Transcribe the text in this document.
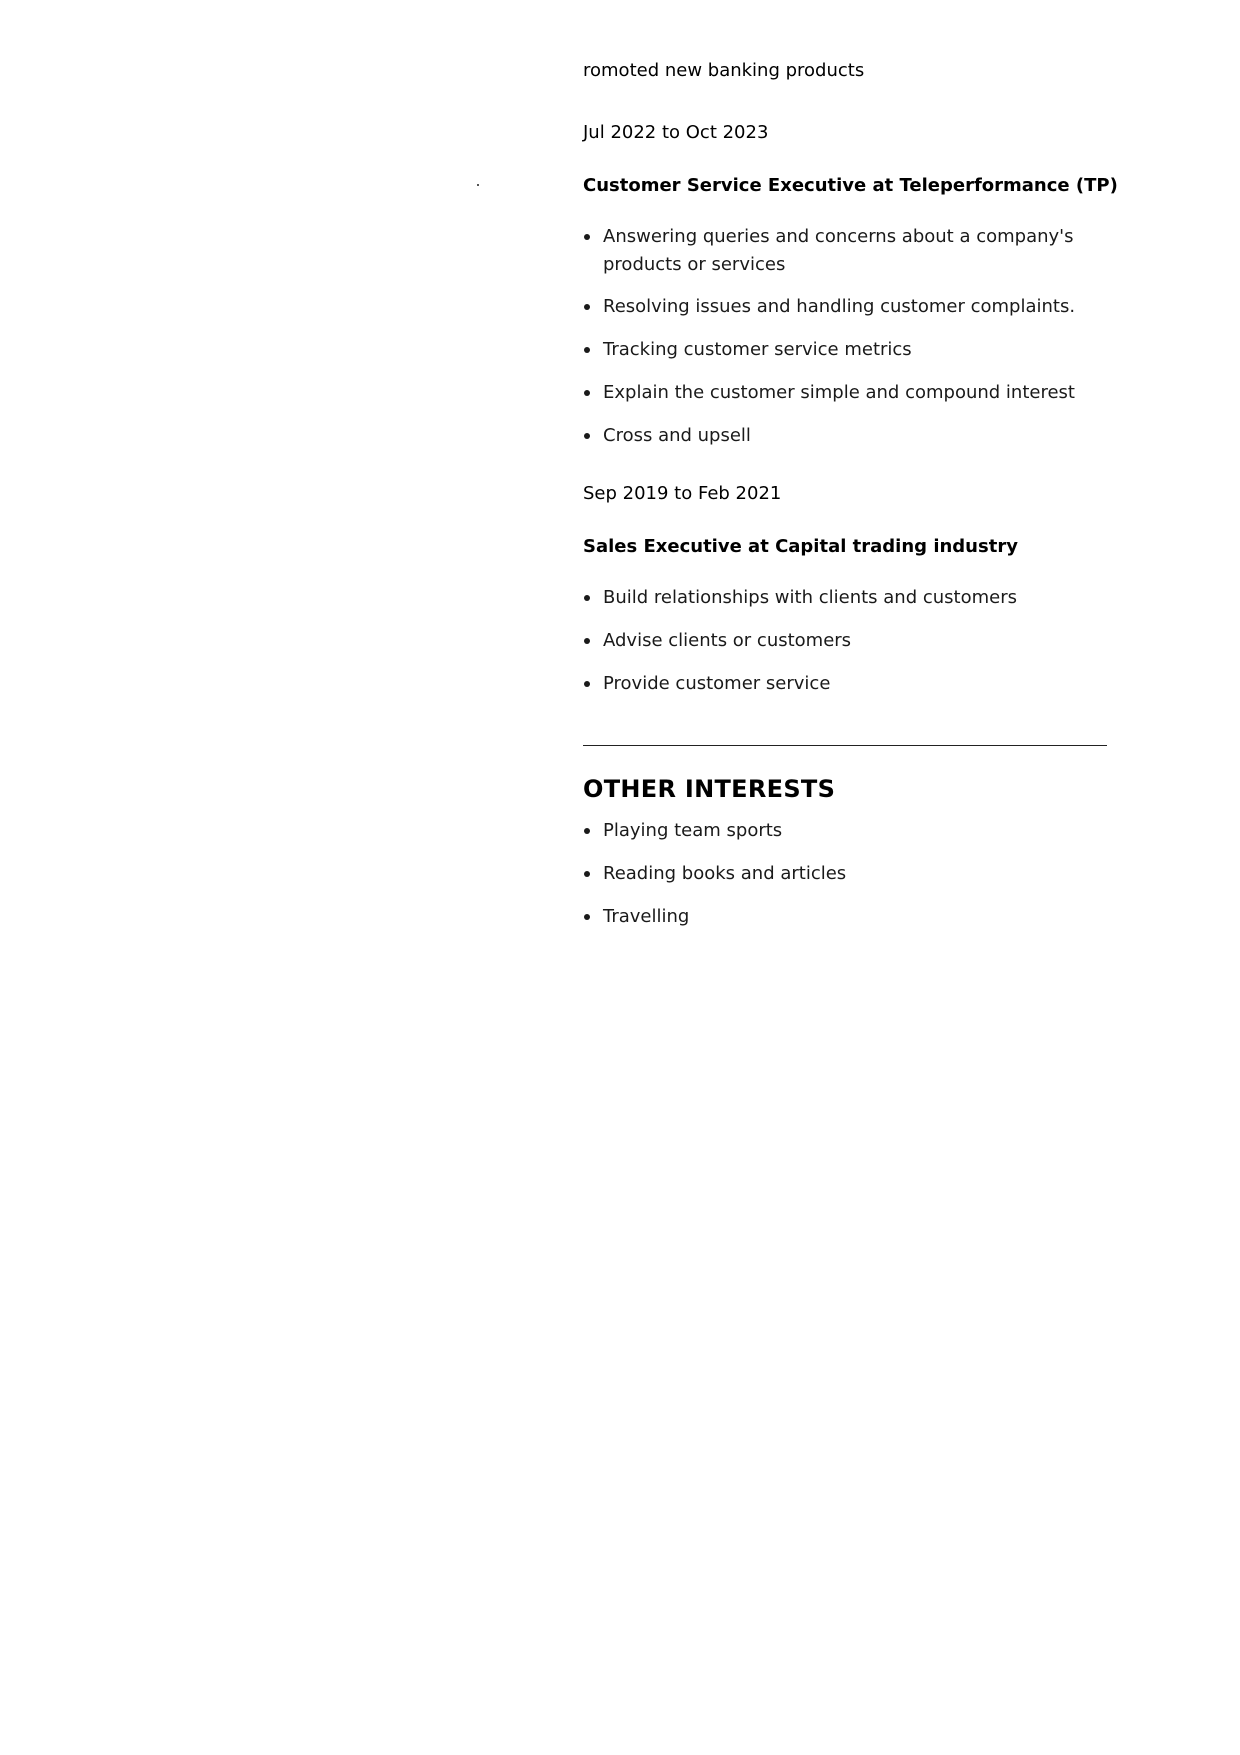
romoted new banking products
Jul 2022 to Oct 2023
Customer Service Executive at Teleperformance (TP)
Answering queries and concerns about a company's products or services
Resolving issues and handling customer complaints.
Tracking customer service metrics
Explain the customer simple and compound interest
Cross and upsell
Sep 2019 to Feb 2021
Sales Executive at Capital trading industry
Build relationships with clients and customers
Advise clients or customers
Provide customer service
OTHER INTERESTS
Playing team sports
Reading books and articles
Travelling
